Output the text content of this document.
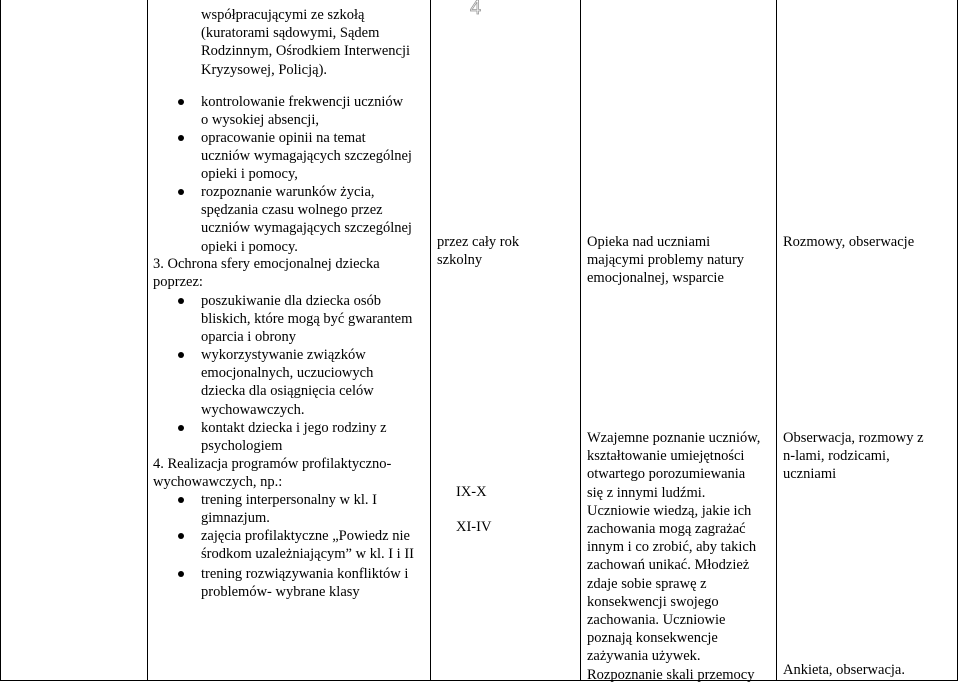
4
współpracującymi ze szkołą
(kuratorami sądowymi, Sądem
Rodzinnym, Ośrodkiem Interwencji
Kryzysowej, Policją).
kontrolowanie frekwencji uczniów
o wysokiej absencji,
opracowanie opinii na temat
uczniów wymagających szczególnej
opieki i pomocy,
rozpoznanie warunków życia,
spędzania czasu wolnego przez
uczniów wymagających szczególnej
opieki i pomocy.
3. Ochrona sfery emocjonalnej dziecka
poprzez:
poszukiwanie dla dziecka osób
bliskich, które mogą być gwarantem
oparcia i obrony
wykorzystywanie związków
emocjonalnych, uczuciowych
dziecka dla osiągnięcia celów
wychowawczych.
kontakt dziecka i jego rodziny z
psychologiem
4. Realizacja programów profilaktyczno-
wychowawczych, np.:
trening interpersonalny w kl. I
gimnazjum.
zajęcia profilaktyczne „Powiedz nie
środkom uzależniającym” w kl. I i II
trening rozwiązywania konfliktów i
problemów- wybrane klasy
przez cały rok
szkolny
IX-X
XI-IV
Opieka nad uczniami
mającymi problemy natury
emocjonalnej, wsparcie
Wzajemne poznanie uczniów,
kształtowanie umiejętności
otwartego porozumiewania
się z innymi ludźmi.
Uczniowie wiedzą, jakie ich
zachowania mogą zagrażać
innym i co zrobić, aby takich
zachowań unikać. Młodzież
zdaje sobie sprawę z
konsekwencji swojego
zachowania. Uczniowie
poznają konsekwencje
zażywania używek.
Rozpoznanie skali przemocy
Rozmowy, obserwacje
Obserwacja, rozmowy z
n-lami, rodzicami,
uczniami
Ankieta, obserwacja.
